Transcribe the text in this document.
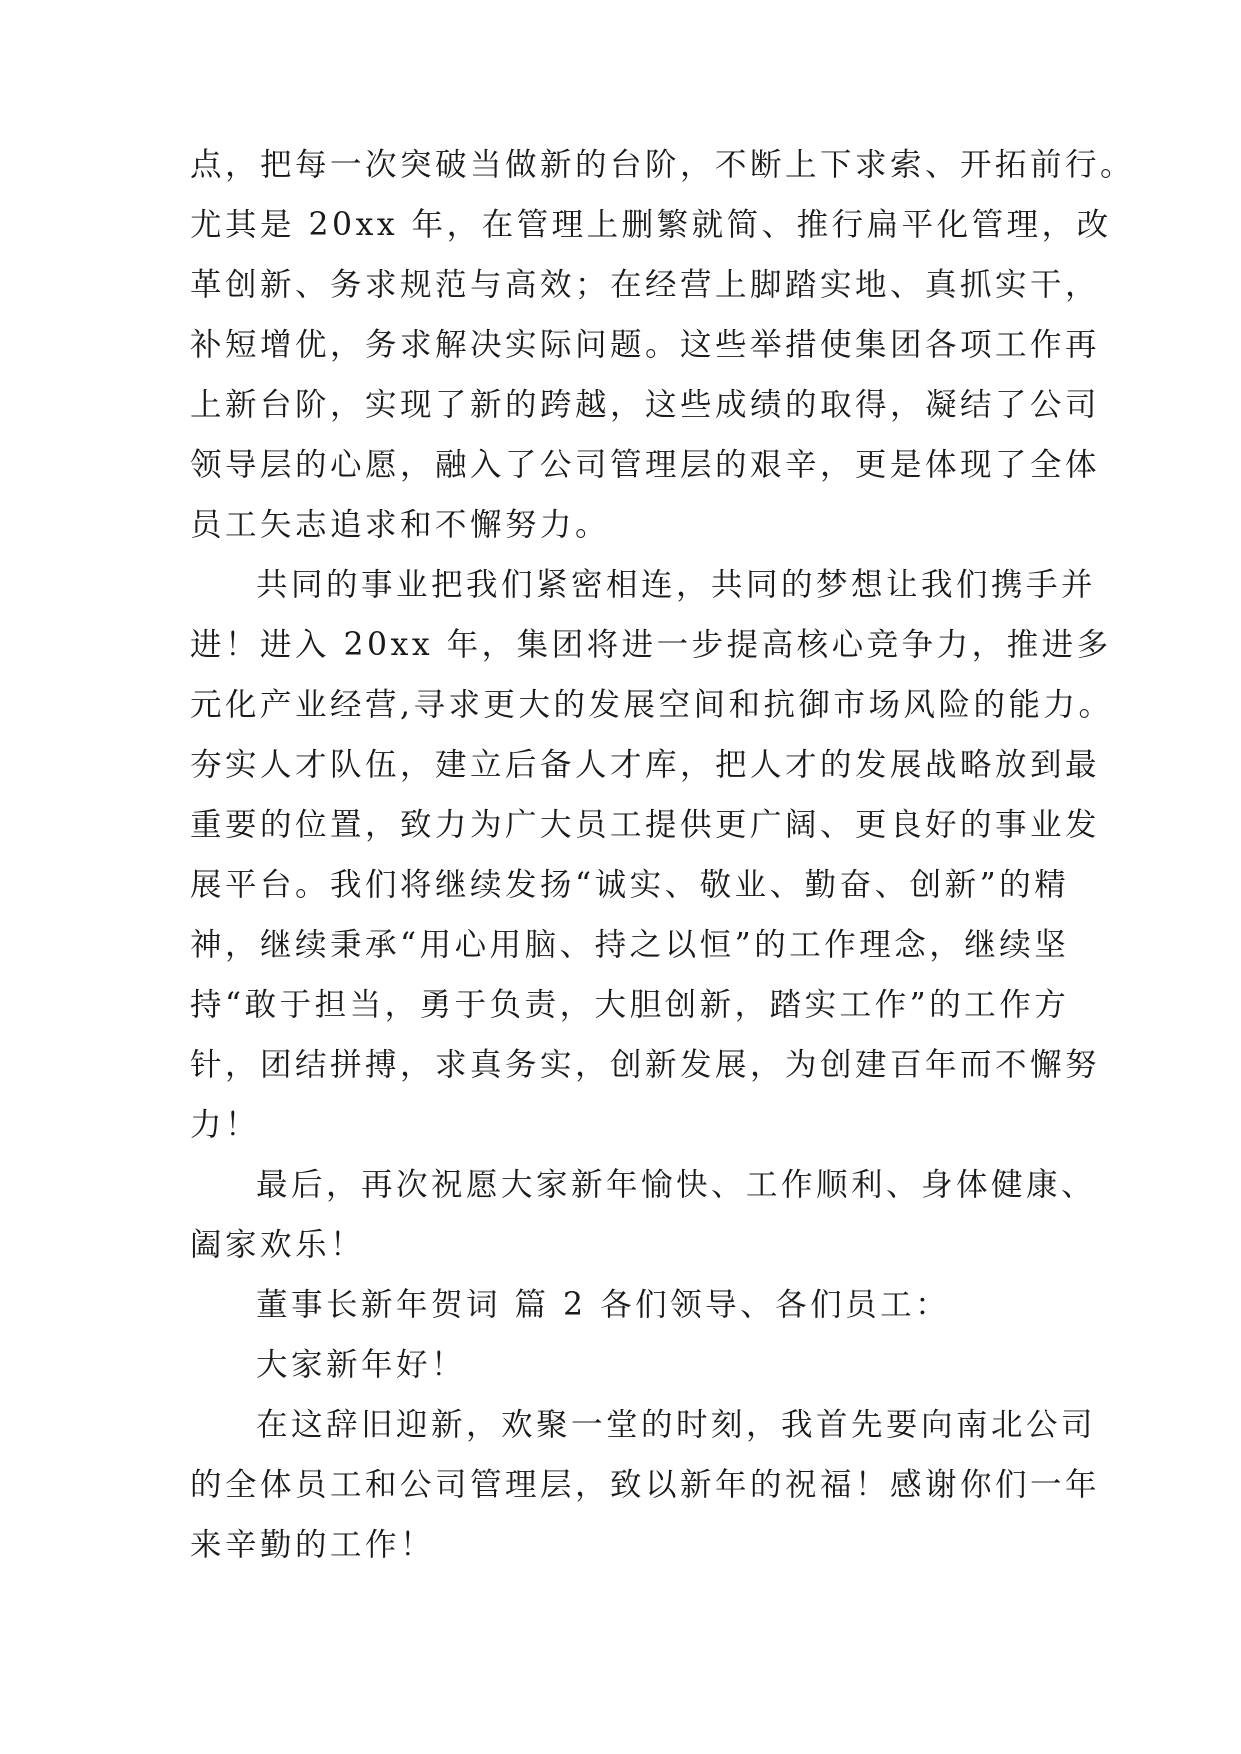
点，把每一次突破当做新的台阶，不断上下求索、开拓前行。
尤其是 20xx 年，在管理上删繁就简、推行扁平化管理，改
革创新、务求规范与高效；在经营上脚踏实地、真抓实干，
补短增优，务求解决实际问题。这些举措使集团各项工作再
上新台阶，实现了新的跨越，这些成绩的取得，凝结了公司
领导层的心愿，融入了公司管理层的艰辛，更是体现了全体
员工矢志追求和不懈努力。
共同的事业把我们紧密相连，共同的梦想让我们携手并
进！进入 20xx 年，集团将进一步提高核心竞争力，推进多
元化产业经营,寻求更大的发展空间和抗御市场风险的能力。
夯实人才队伍，建立后备人才库，把人才的发展战略放到最
重要的位置，致力为广大员工提供更广阔、更良好的事业发
展平台。我们将继续发扬“诚实、敬业、勤奋、创新”的精
神，继续秉承“用心用脑、持之以恒”的工作理念，继续坚
持“敢于担当，勇于负责，大胆创新，踏实工作”的工作方
针，团结拼搏，求真务实，创新发展，为创建百年而不懈努
力！
最后，再次祝愿大家新年愉快、工作顺利、身体健康、
阖家欢乐！
董事长新年贺词 篇 2 各们领导、各们员工：
大家新年好！
在这辞旧迎新，欢聚一堂的时刻，我首先要向南北公司
的全体员工和公司管理层，致以新年的祝福！感谢你们一年
来辛勤的工作！
